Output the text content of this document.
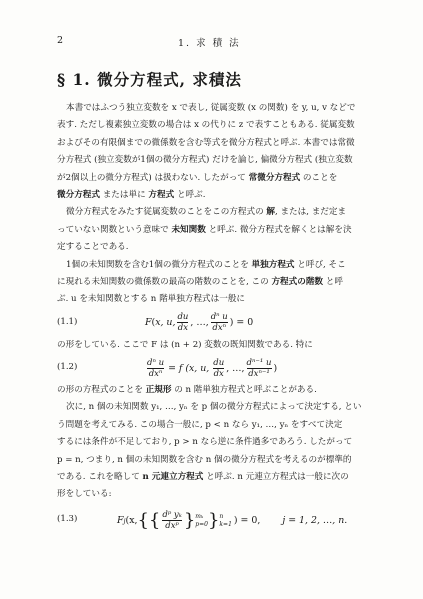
2	1. 求 積 法
§ 1. 微分方程式, 求積法
本書ではふつう独立変数を x で表し, 従属変数 (x の関数) を y, u, v などで
表す. ただし複素独立変数の場合は x の代りに z で表すこともある. 従属変数
およびその有限個までの微係数を含む等式を微分方程式と呼ぶ. 本書では常微
分方程式 (独立変数が1個の微分方程式) だけを論じ, 偏微分方程式 (独立変数
が2個以上の微分方程式) は扱わない. したがって 常微分方程式 のことを
微分方程式 または単に 方程式 と呼ぶ.
微分方程式をみたす従属変数のことをこの方程式の 解, または, まだ定ま
っていない関数という意味で 未知関数 と呼ぶ. 微分方程式を解くとは解を決
定することである.
1個の未知関数を含む1個の微分方程式のことを 単独方程式 と呼び, そこ
に現れる未知関数の微係数の最高の階数のことを, この 方程式の階数 と呼
ぶ. u を未知関数とする n 階単独方程式は一般に
(1.1)	F ( x, u, $\frac{du}{dx}$ , …, $\frac{\text{dⁿ u}}{\text{dxⁿ}}$ ) = 0
の形をしている. ここで F は (n + 2) 変数の既知関数である. 特に
(1.2)	$\frac{\text{dⁿ u}}{\text{dxⁿ}} = f$ (x, u, $\frac{du}{dx}$ , …, $\frac{\text{dⁿ⁻¹ u}}{\text{dxⁿ⁻¹}}$ )
の形の方程式のことを 正規形 の n 階単独方程式と呼ぶことがある.
次に, n 個の未知関数 y₁, …, yₙ を p 個の微分方程式によって決定する, とい
う問題を考えてみる. この場合一般に, p < n なら y₁, …, yₙ をすべて決定
するには条件が不足しており, p > n なら逆に条件過多であろう. したがって
p = n, つまり, n 個の未知関数を含む n 個の微分方程式を考えるのが標準的
である. これを略して n 元連立方程式 と呼ぶ. n 元連立方程式は一般に次の
形をしている:
(1.3)	F j (x, {{ $\frac{\text{dᵖ yₖ}}{\text{dxᵖ}}$ } mₖ
p=0 } n
k=1 ) = 0, j = 1, 2, …, n.
